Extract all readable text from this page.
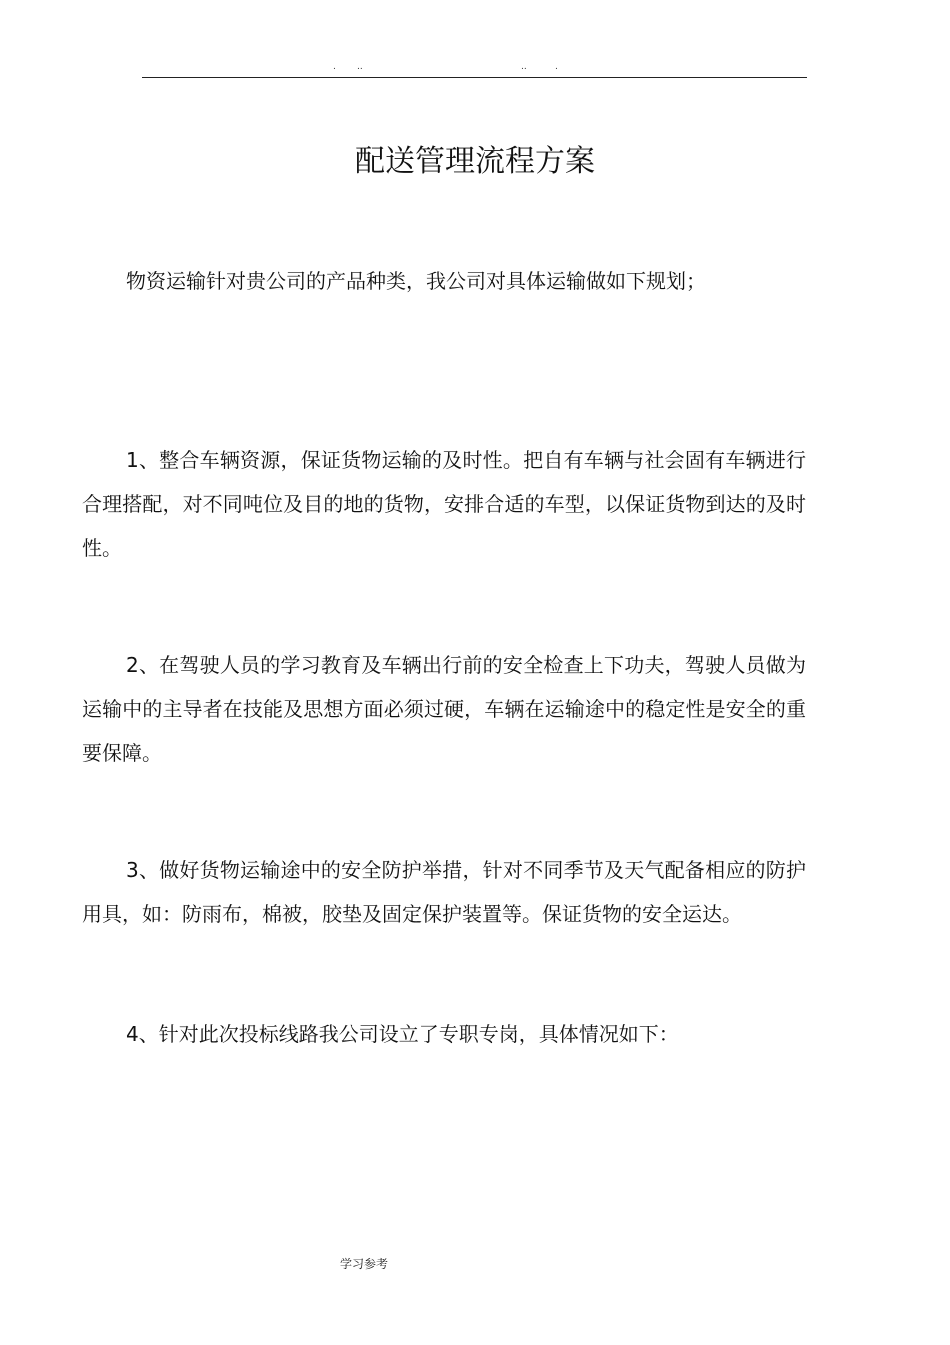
. ..	..	.
配送管理流程方案

物资运输针对贵公司的产品种类，我公司对具体运输做如下规划；

1、整合车辆资源，保证货物运输的及时性。把自有车辆与社会固有车辆进行合理搭配，对不同吨位及目的地的货物，安排合适的车型，以保证货物到达的及时性。

2、在驾驶人员的学习教育及车辆出行前的安全检查上下功夫，驾驶人员做为运输中的主导者在技能及思想方面必须过硬，车辆在运输途中的稳定性是安全的重要保障。

3、做好货物运输途中的安全防护举措，针对不同季节及天气配备相应的防护用具，如：防雨布，棉被，胶垫及固定保护装置等。保证货物的安全运达。

4、针对此次投标线路我公司设立了专职专岗，具体情况如下：

学习参考
